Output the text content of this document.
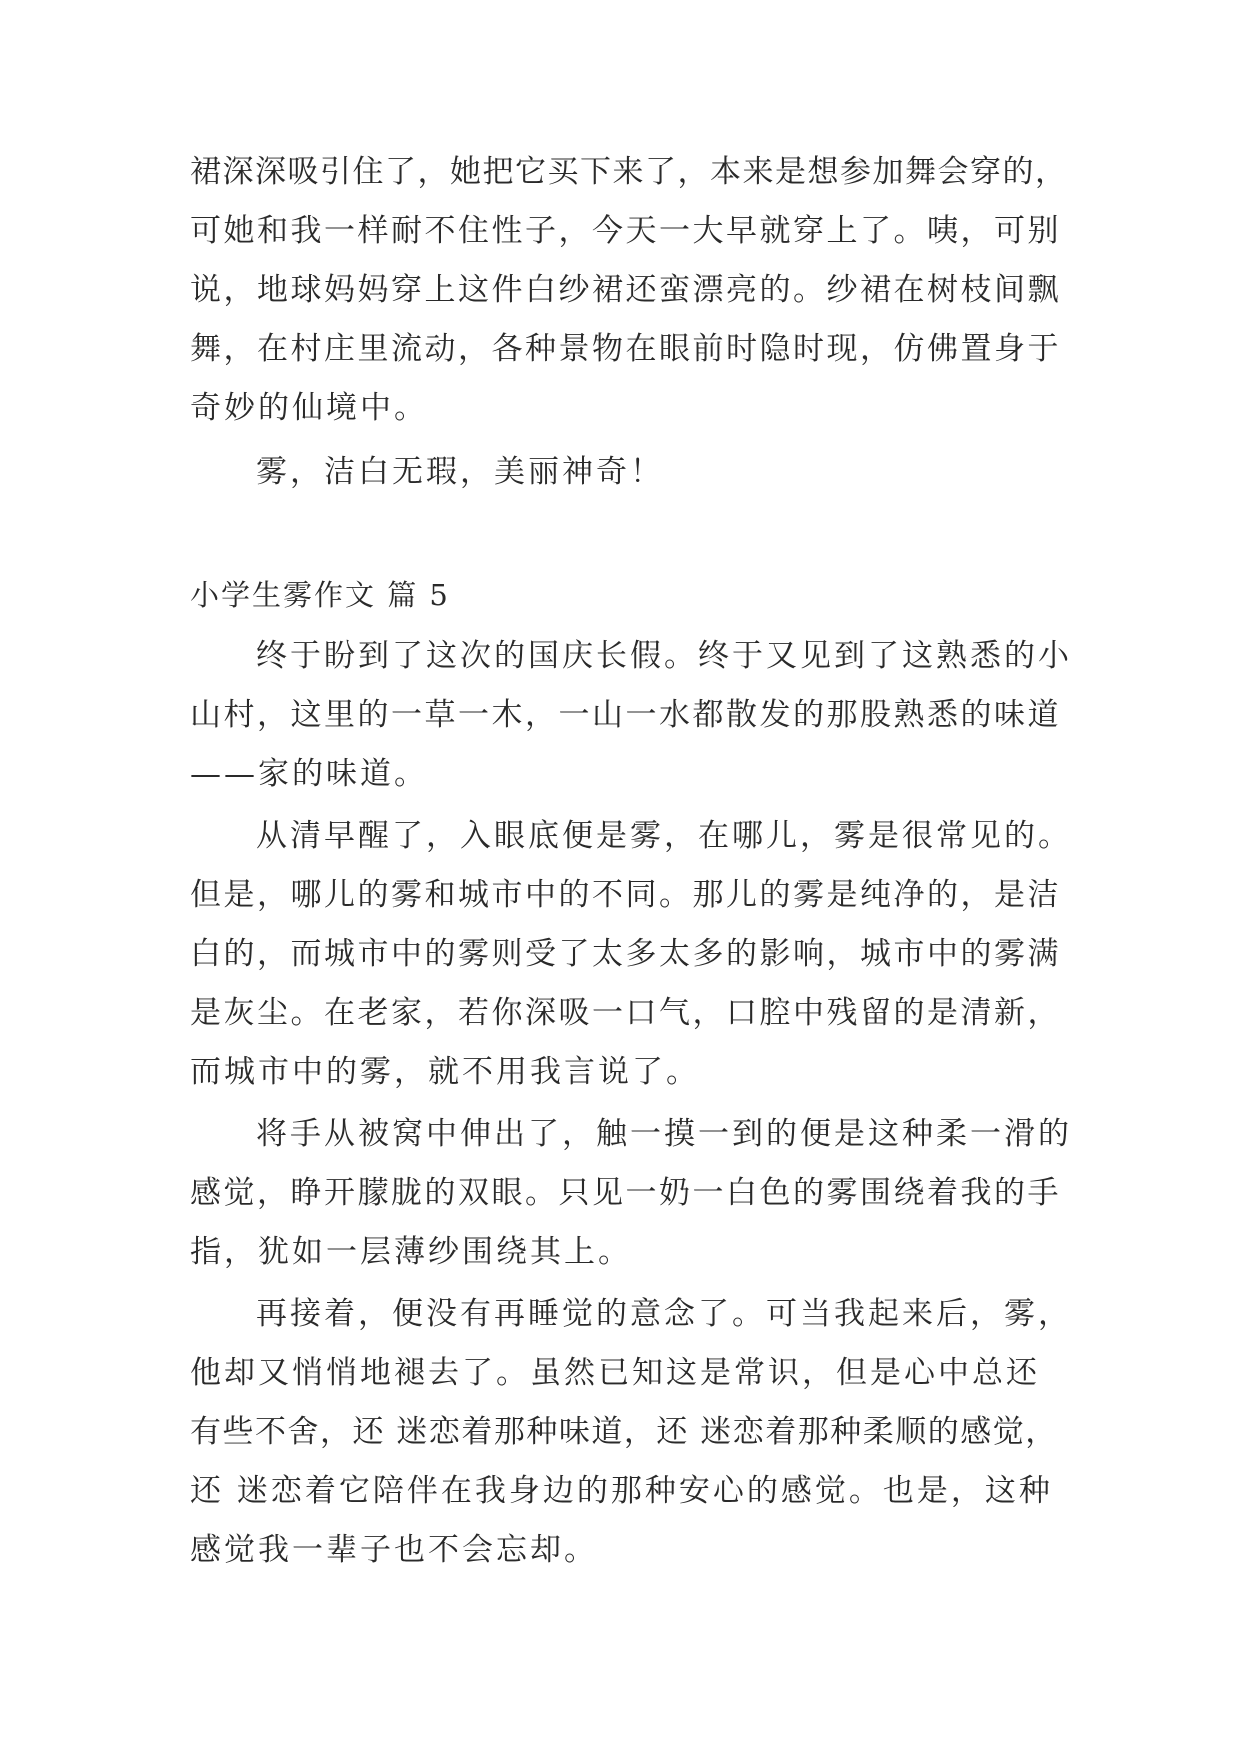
裙深深吸引住了，她把它买下来了，本来是想参加舞会穿的，
可她和我一样耐不住性子，今天一大早就穿上了。咦，可别
说，地球妈妈穿上这件白纱裙还蛮漂亮的。纱裙在树枝间飘
舞，在村庄里流动，各种景物在眼前时隐时现，仿佛置身于
奇妙的仙境中。
雾，洁白无瑕，美丽神奇！
小学生雾作文 篇 5
终于盼到了这次的国庆长假。终于又见到了这熟悉的小
山村，这里的一草一木，一山一水都散发的那股熟悉的味道
——家的味道。
从清早醒了，入眼底便是雾，在哪儿，雾是很常见的。
但是，哪儿的雾和城市中的不同。那儿的雾是纯净的，是洁
白的，而城市中的雾则受了太多太多的影响，城市中的雾满
是灰尘。在老家，若你深吸一口气，口腔中残留的是清新，
而城市中的雾，就不用我言说了。
将手从被窝中伸出了，触一摸一到的便是这种柔一滑的
感觉，睁开朦胧的双眼。只见一奶一白色的雾围绕着我的手
指，犹如一层薄纱围绕其上。
再接着，便没有再睡觉的意念了。可当我起来后，雾，
他却又悄悄地褪去了。虽然已知这是常识，但是心中总还
有些不舍，还 迷恋着那种味道，还 迷恋着那种柔顺的感觉，
还 迷恋着它陪伴在我身边的那种安心的感觉。也是，这种
感觉我一辈子也不会忘却。
